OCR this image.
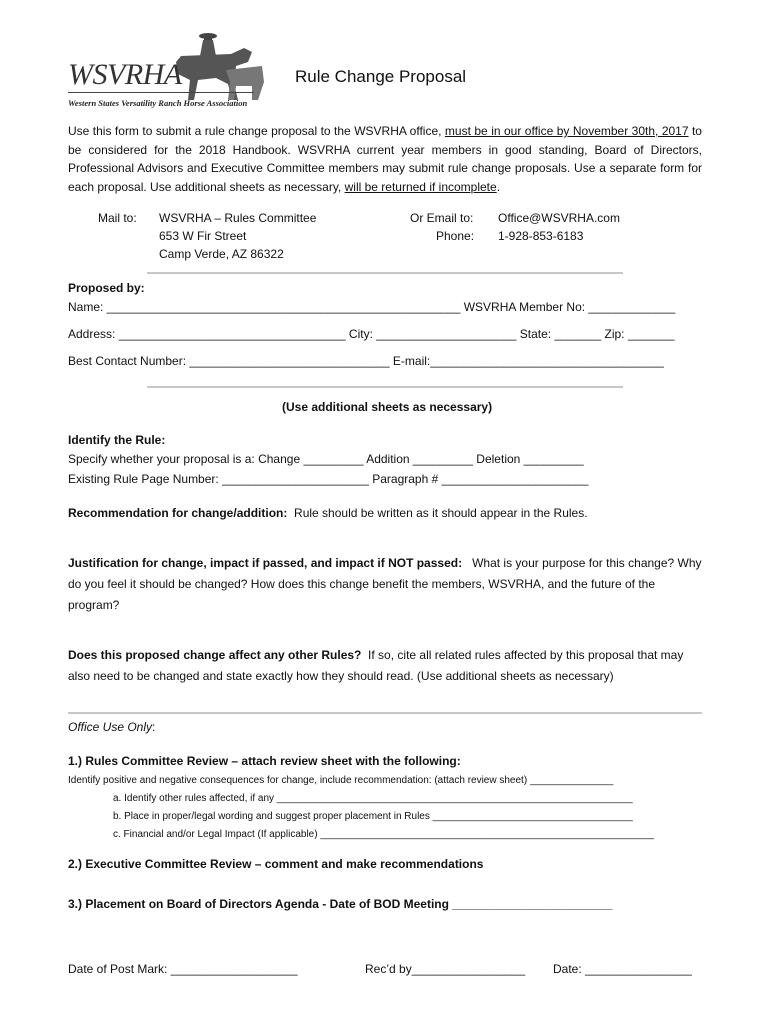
WSVRHA
Western States Versatility Ranch Horse Association
Rule Change Proposal
Use this form to submit a rule change proposal to the WSVRHA office, must be in our office by November 30th, 2017 to be considered for the 2018 Handbook. WSVRHA current year members in good standing, Board of Directors, Professional Advisors and Executive Committee members may submit rule change proposals. Use a separate form for each proposal. Use additional sheets as necessary, will be returned if incomplete.
Mail to: WSVRHA – Rules Committee
653 W Fir Street
Camp Verde, AZ 86322
Or Email to: Office@WSVRHA.com
Phone: 1-928-853-6183
Proposed by:
Name: _____________________________________________________ WSVRHA Member No: _____________
Address: __________________________________ City: _____________________ State: _______ Zip: _______
Best Contact Number: ______________________________ E-mail:___________________________________
(Use additional sheets as necessary)
Identify the Rule:
Specify whether your proposal is a: Change _________ Addition _________ Deletion _________
Existing Rule Page Number: ______________________ Paragraph # ______________________
Recommendation for change/addition:  Rule should be written as it should appear in the Rules.
Justification for change, impact if passed, and impact if NOT passed:   What is your purpose for this change? Why do you feel it should be changed? How does this change benefit the members, WSVRHA, and the future of the program?
Does this proposed change affect any other Rules?  If so, cite all related rules affected by this proposal that may also need to be changed and state exactly how they should read. (Use additional sheets as necessary)
Office Use Only:
1.) Rules Committee Review – attach review sheet with the following:
Identify positive and negative consequences for change, include recommendation: (attach review sheet) _______________
a. Identify other rules affected, if any ________________________________________________________________
b. Place in proper/legal wording and suggest proper placement in Rules ____________________________________
c. Financial and/or Legal Impact (If applicable) ____________________________________________________________
2.) Executive Committee Review – comment and make recommendations
3.) Placement on Board of Directors Agenda - Date of BOD Meeting ________________________
Date of Post Mark: ___________________	Rec’d by_________________ Date: ________________
